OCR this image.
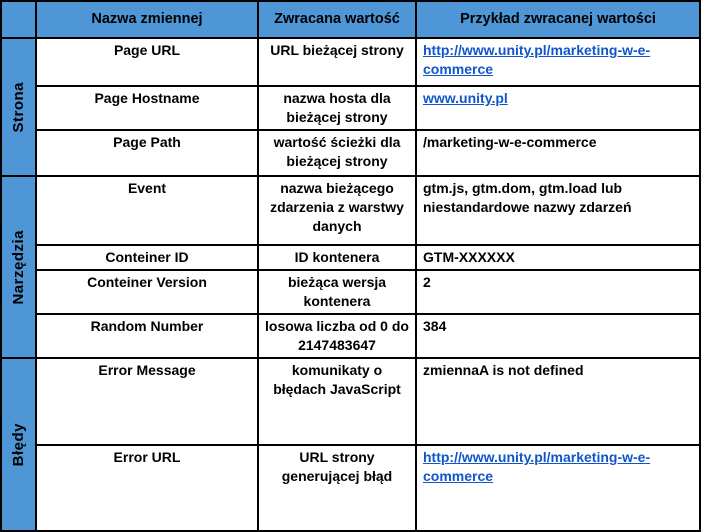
	Nazwa zmiennej	Zwracana wartość	Przykład zwracanej wartości

Strona	Page URL	URL bieżącej strony	http://www.unity.pl/marketing-w-e-commerce
	Page Hostname	nazwa hosta dla bieżącej strony	www.unity.pl
	Page Path	wartość ścieżki dla bieżącej strony	/marketing-w-e-commerce

Narzędzia	Event	nazwa bieżącego zdarzenia z warstwy danych	gtm.js, gtm.dom, gtm.load lub niestandardowe nazwy zdarzeń
	Conteiner ID	ID kontenera	GTM-XXXXXX
	Conteiner Version	bieżąca wersja kontenera	2
	Random Number	losowa liczba od 0 do 2147483647	384

Błędy	Error Message	komunikaty o błędach JavaScript	zmiennaA is not defined
	Error URL	URL strony generującej błąd	http://www.unity.pl/marketing-w-e-commerce
